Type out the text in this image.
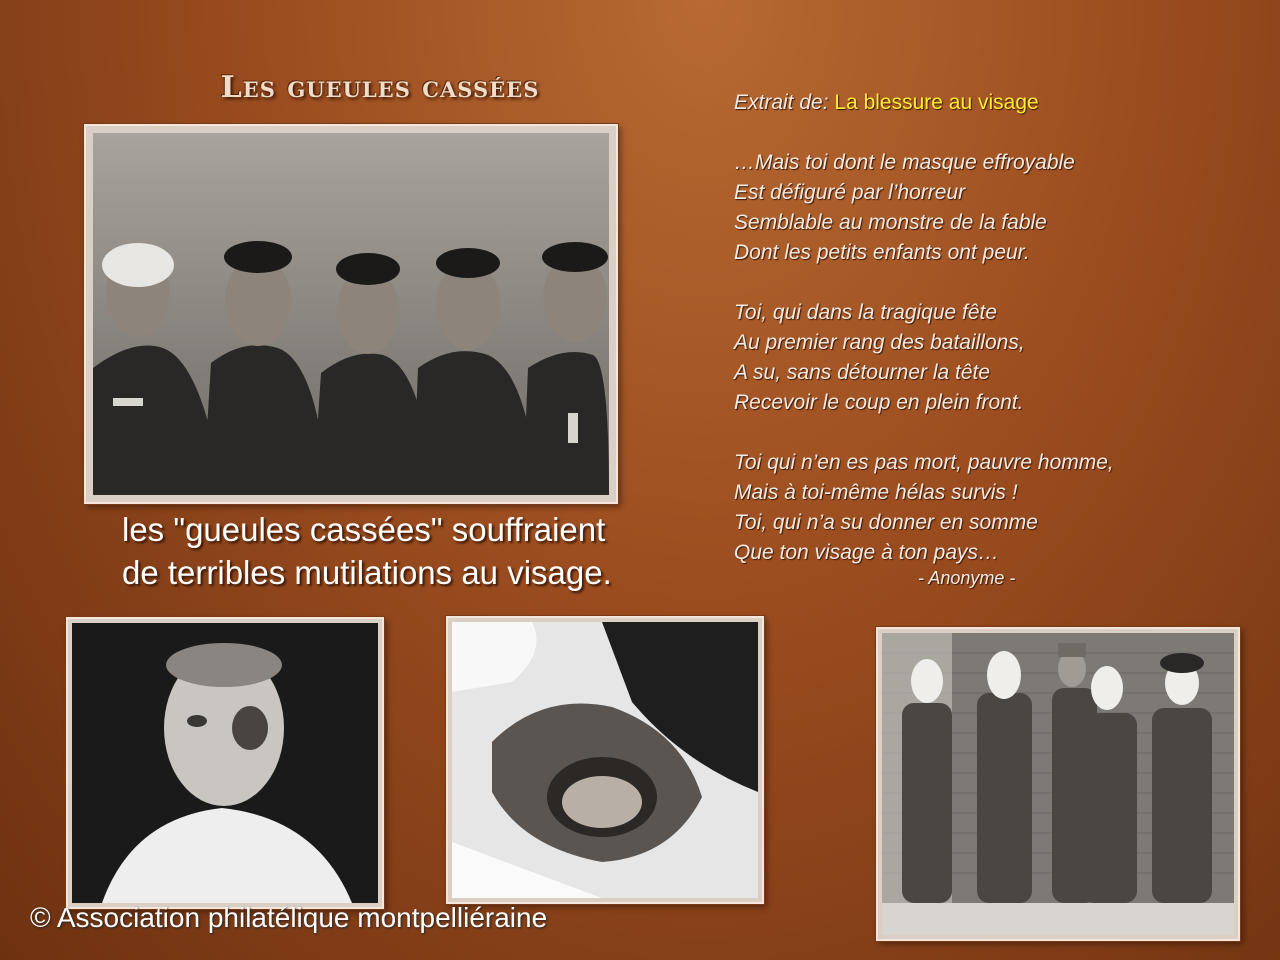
Les gueules cassées
les "gueules cassées" souffraient
de terribles mutilations au visage.
Extrait de: La blessure au visage
…Mais toi dont le masque effroyable
Est défiguré par l’horreur
Semblable au monstre de la fable
Dont les petits enfants ont peur.
Toi, qui dans la tragique fête
Au premier rang des bataillons,
A su, sans détourner la tête
Recevoir le coup en plein front.
Toi qui n’en es pas mort, pauvre homme,
Mais à toi-même hélas survis !
Toi, qui n’a su donner en somme
Que ton visage à ton pays…
- Anonyme -
© Association philatélique montpelliéraine
